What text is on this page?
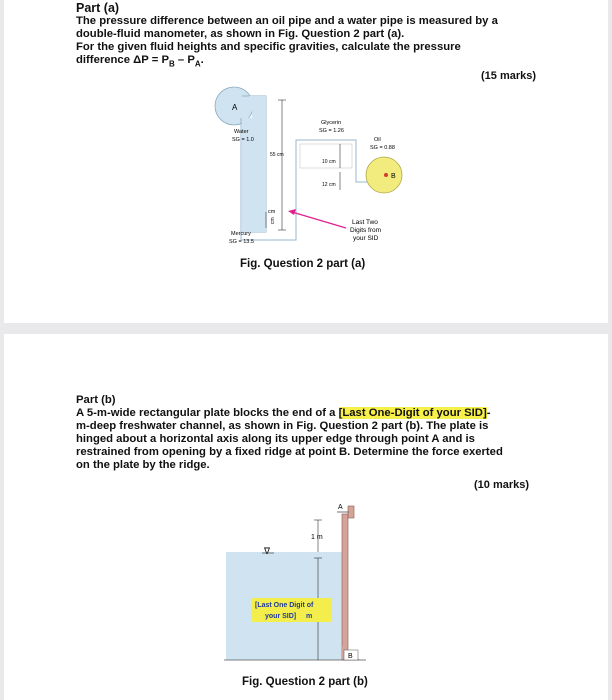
Part (a)
The pressure difference between an oil pipe and a water pipe is measured by a
double-fluid manometer, as shown in Fig. Question 2 part (a).
For the given fluid heights and specific gravities, calculate the pressure
difference $\Delta P = P_B - P_A$.
(15 marks)
A
B
Water
SG = 1.0
Glycerin
SG = 1.26
Oil
SG = 0.88
55 cm
10 cm
12 cm
cm
cm
Mercury
SG = 13.5
Last Two
Digits from
your SID
Fig. Question 2 part (a)
Part (b)
A 5-m-wide rectangular plate blocks the end of a [Last One-Digit of your SID]-
m-deep freshwater channel, as shown in Fig. Question 2 part (b). The plate is
hinged about a horizontal axis along its upper edge through point A and is
restrained from opening by a fixed ridge at point B. Determine the force exerted
on the plate by the ridge.
(10 marks)
A
B
1 m
∇
[Last One Digit of
your SID] m
Fig. Question 2 part (b)
